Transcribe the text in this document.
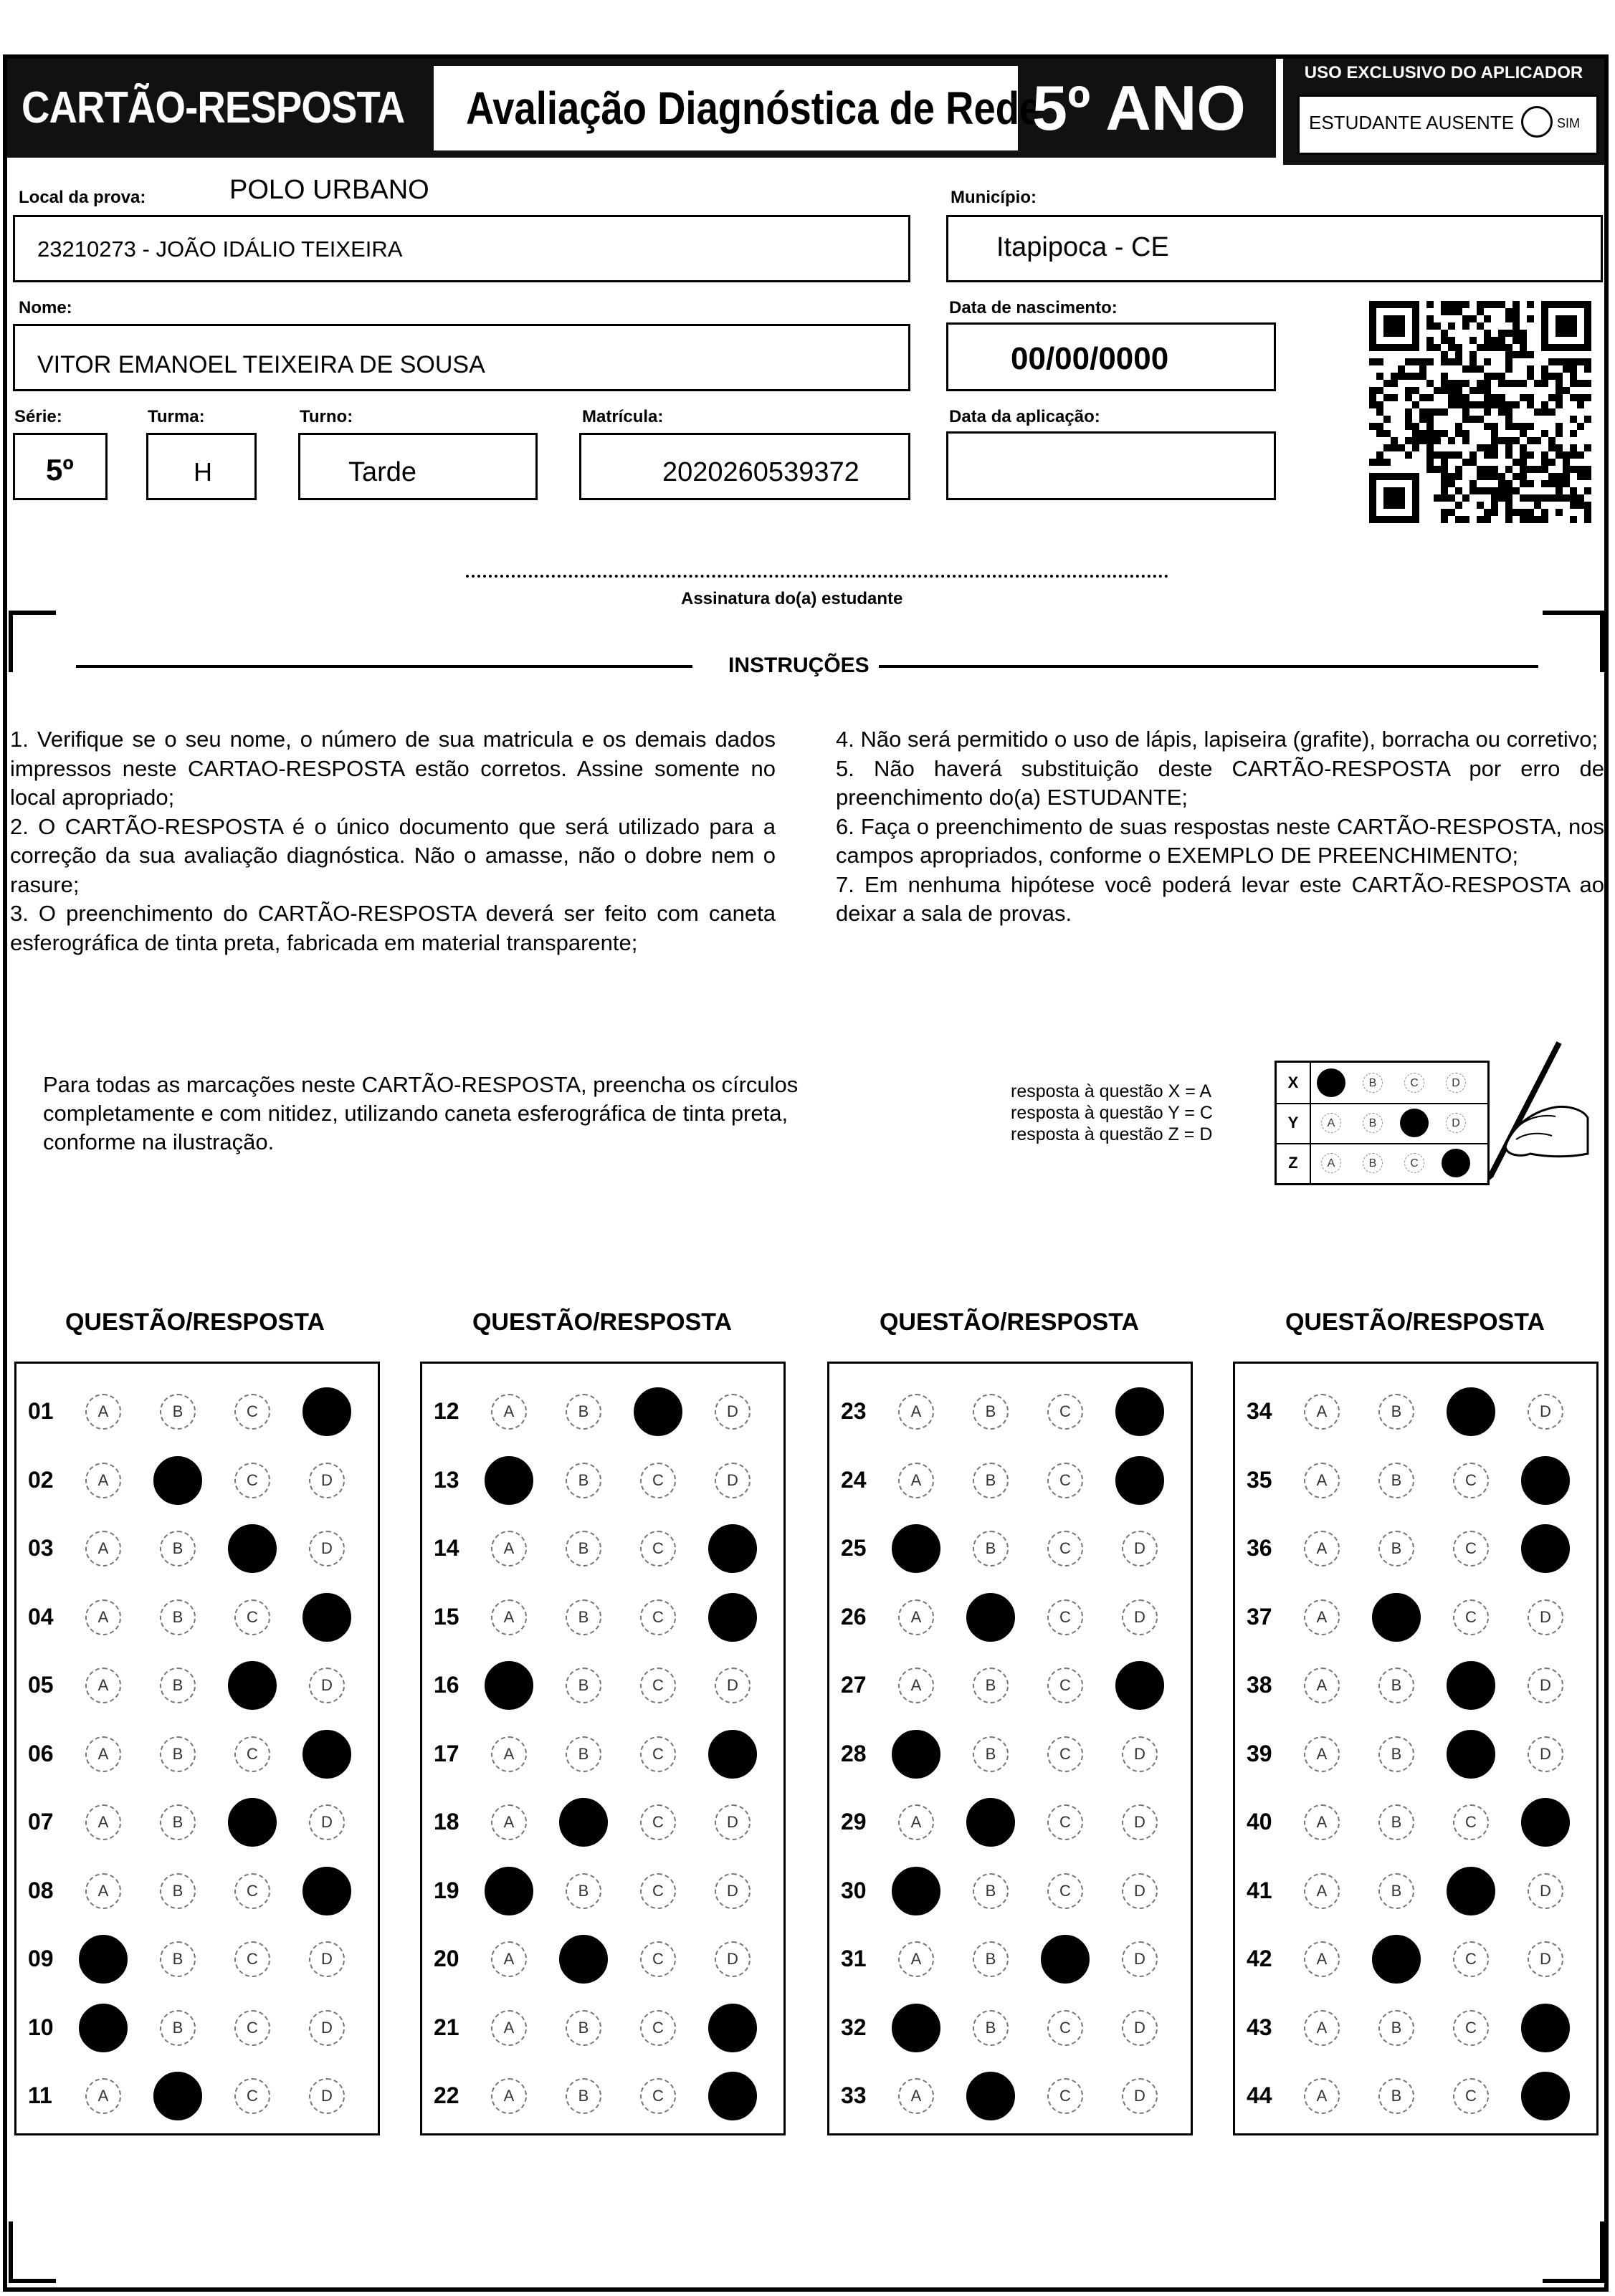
CARTÃO-RESPOSTA Avaliação Diagnóstica de Rede
5º ANO	USO EXCLUSIVO DO APLICADOR
ESTUDANTE AUSENTE	SIM
Local da prova:	POLO URBANO
23210273 - JOÃO IDÁLIO TEIXEIRA
Município:
Itapipoca - CE
Nome:
VITOR EMANOEL TEIXEIRA DE SOUSA
Data de nascimento:
00/00/0000
Série:
5º
Turma:
H
Turno:
Tarde
Matrícula:
2020260539372
Data da aplicação:
Assinatura do(a) estudante
INSTRUÇÕES

1. Verifique se o seu nome, o número de sua matricula e os demais dados impressos neste CARTAO-RESPOSTA estão corretos. Assine somente no local apropriado;

2. O CARTÃO-RESPOSTA é o único documento que será utilizado para a correção da sua avaliação diagnóstica. Não o amasse, não o dobre nem o rasure;

3. O preenchimento do CARTÃO-RESPOSTA deverá ser feito com caneta esferográfica de tinta preta, fabricada em material transparente;

4. Não será permitido o uso de lápis, lapiseira (grafite), borracha ou corretivo;

5. Não haverá substituição deste CARTÃO-RESPOSTA por erro de preenchimento do(a) ESTUDANTE;

6. Faça o preenchimento de suas respostas neste CARTÃO-RESPOSTA, nos campos apropriados, conforme o EXEMPLO DE PREENCHIMENTO;

7. Em nenhuma hipótese você poderá levar este CARTÃO-RESPOSTA ao deixar a sala de provas.

Para todas as marcações neste CARTÃO-RESPOSTA, preencha os círculos completamente e com nitidez, utilizando caneta esferográfica de tinta preta, conforme na ilustração.
resposta à questão X = A
resposta à questão Y = C
resposta à questão Z = D
X	A	B	C	D
Y	A	B	C	D
Z	A	B	C	D
QUESTÃO/RESPOSTA	QUESTÃO/RESPOSTA	QUESTÃO/RESPOSTA	QUESTÃO/RESPOSTA
01	A	B	C	D
02	A	B	C	D
03	A	B	C	D
04	A	B	C	D
05	A	B	C	D
06	A	B	C	D
07	A	B	C	D
08	A	B	C	D
09	A	B	C	D
10	A	B	C	D
11	A	B	C	D
12	A	B	C	D
13	A	B	C	D
14	A	B	C	D
15	A	B	C	D
16	A	B	C	D
17	A	B	C	D
18	A	B	C	D
19	A	B	C	D
20	A	B	C	D
21	A	B	C	D
22	A	B	C	D
23	A	B	C	D
24	A	B	C	D
25	A	B	C	D
26	A	B	C	D
27	A	B	C	D
28	A	B	C	D
29	A	B	C	D
30	A	B	C	D
31	A	B	C	D
32	A	B	C	D
33	A	B	C	D
34	A	B	C	D
35	A	B	C	D
36	A	B	C	D
37	A	B	C	D
38	A	B	C	D
39	A	B	C	D
40	A	B	C	D
41	A	B	C	D
42	A	B	C	D
43	A	B	C	D
44	A	B	C	D
